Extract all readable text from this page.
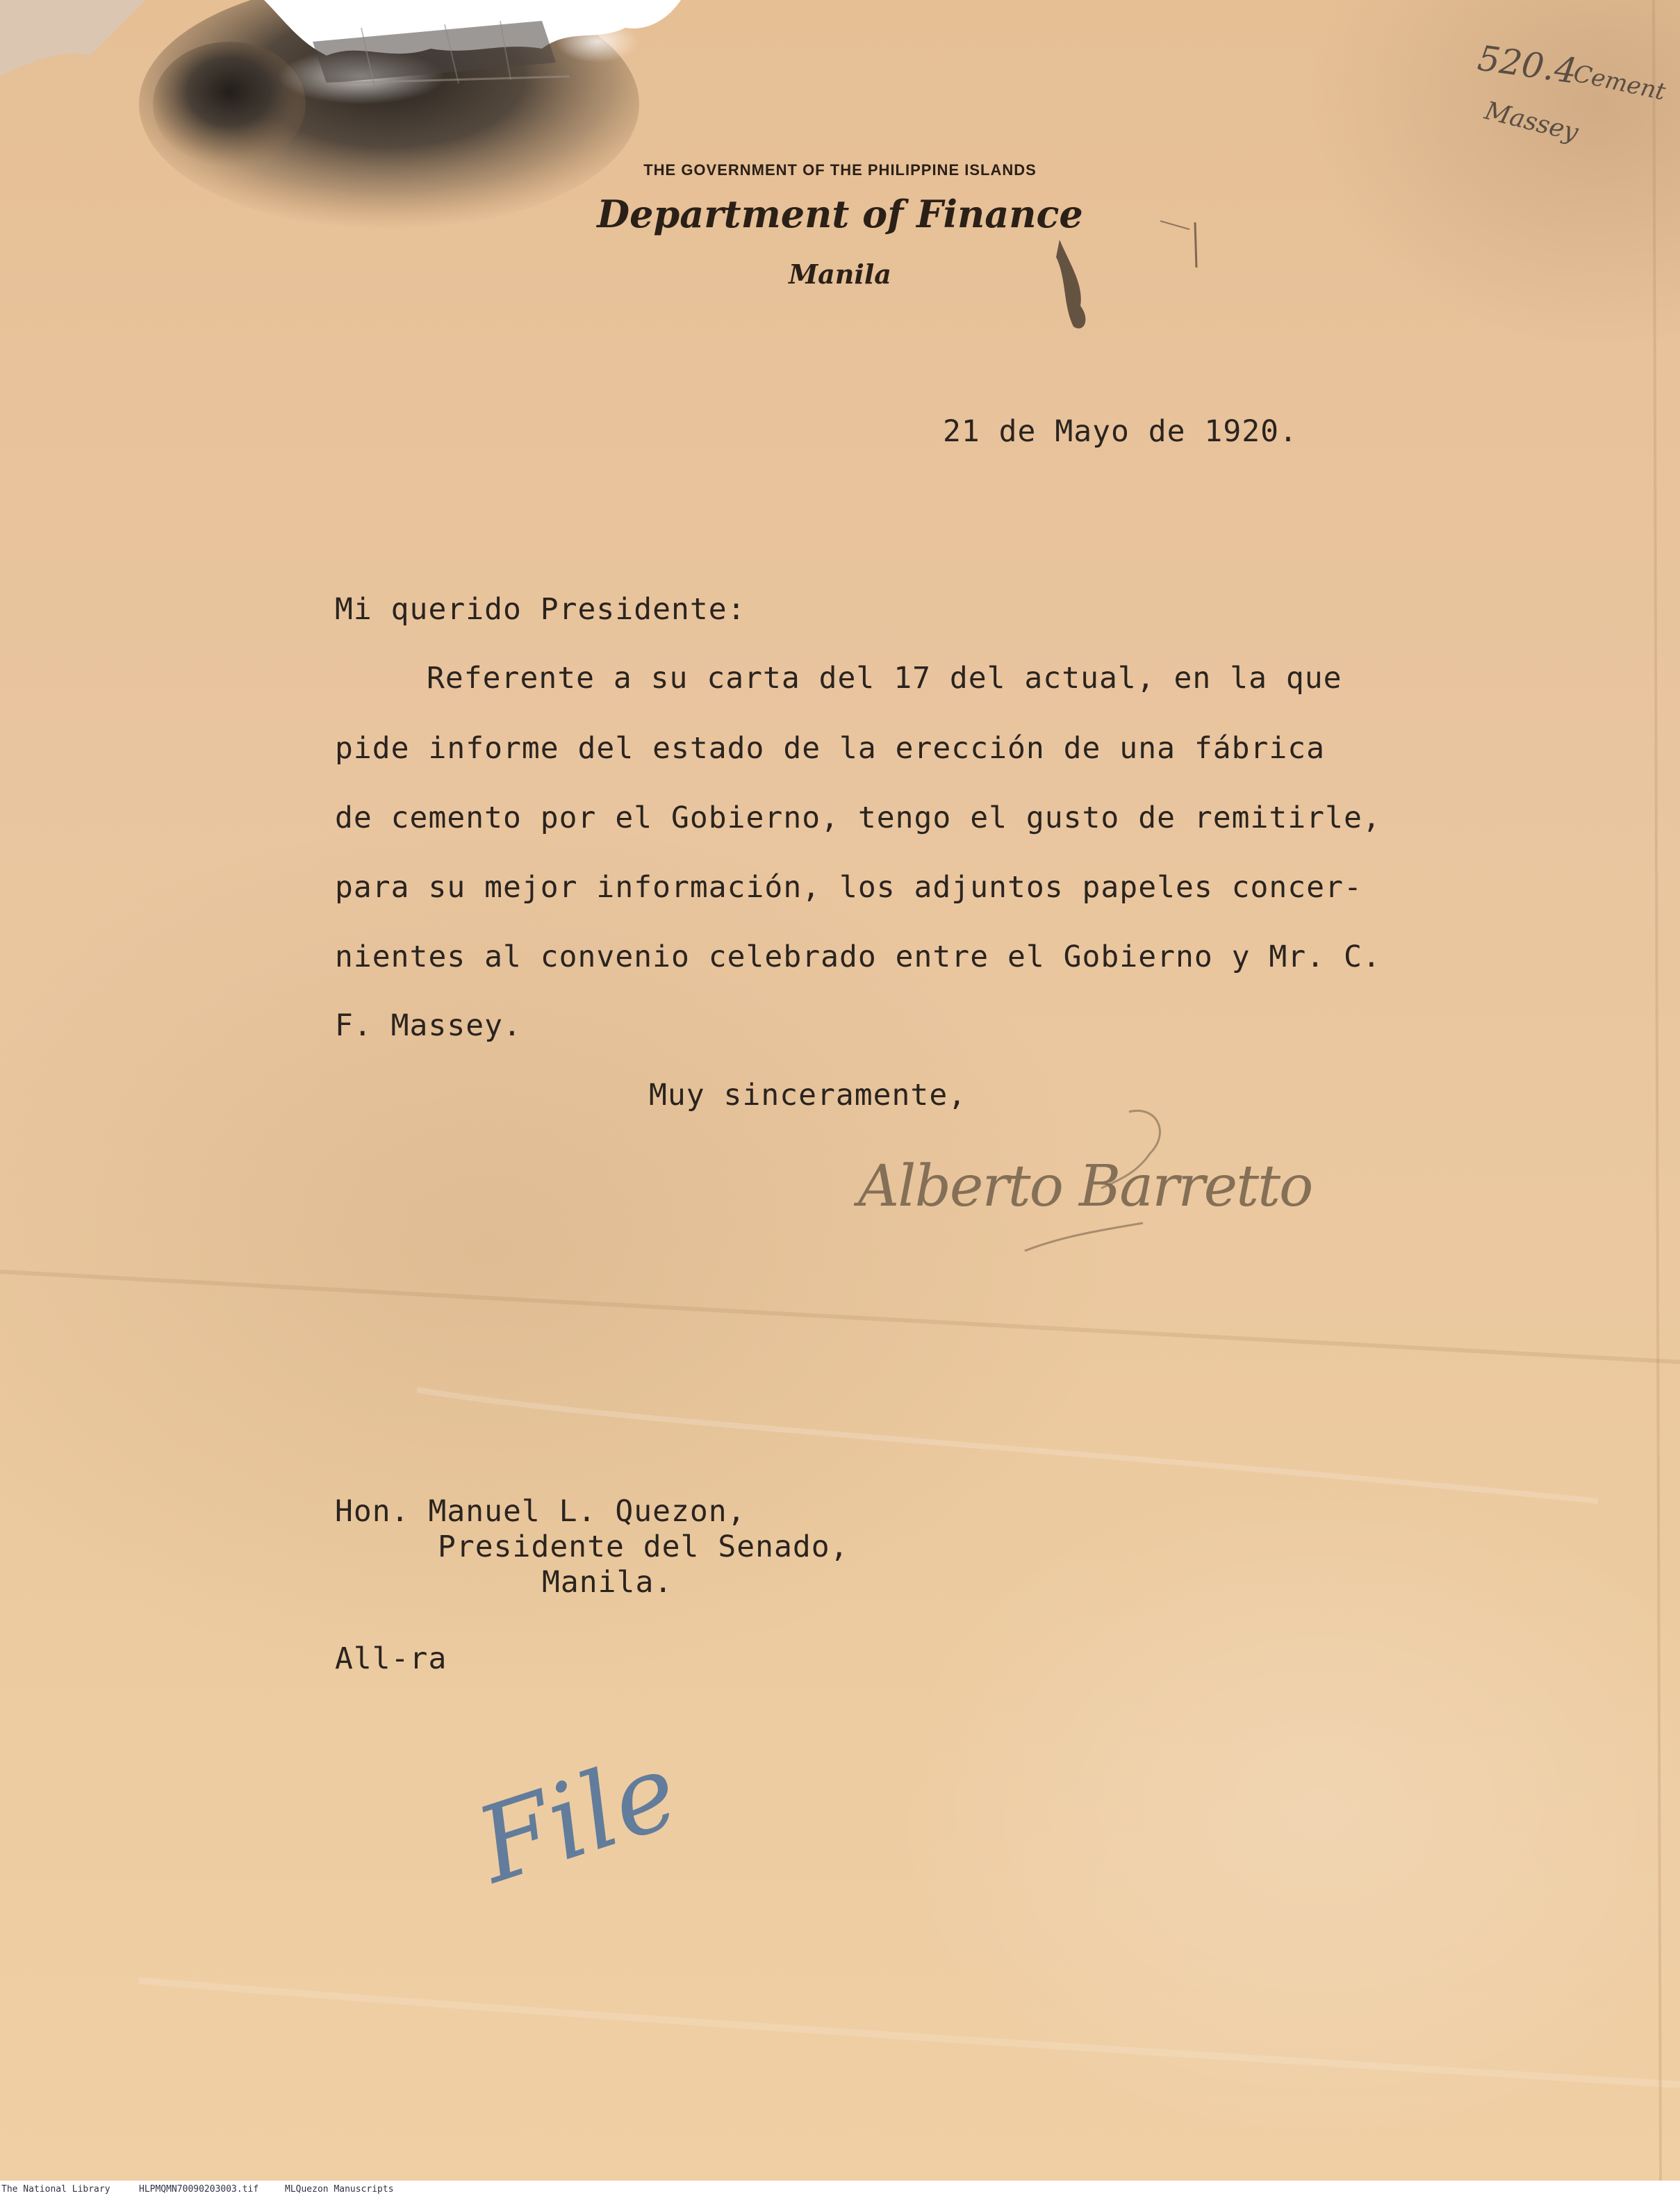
THE GOVERNMENT OF THE PHILIPPINE ISLANDS
Department of Finance
Manila
520.4
Cement
Massey
21 de Mayo de 1920.
Mi querido Presidente:
Referente a su carta del 17 del actual, en la que
pide informe del estado de la erección de una fábrica
de cemento por el Gobierno, tengo el gusto de remitirle,
para su mejor información, los adjuntos papeles concer-
nientes al convenio celebrado entre el Gobierno y Mr. C.
F. Massey.
Muy sinceramente,
Alberto Barretto
Hon. Manuel L. Quezon,
Presidente del Senado,
Manila.
All-ra
File
The National Library	HLPMQMN70090203003.tif	MLQuezon Manuscripts
